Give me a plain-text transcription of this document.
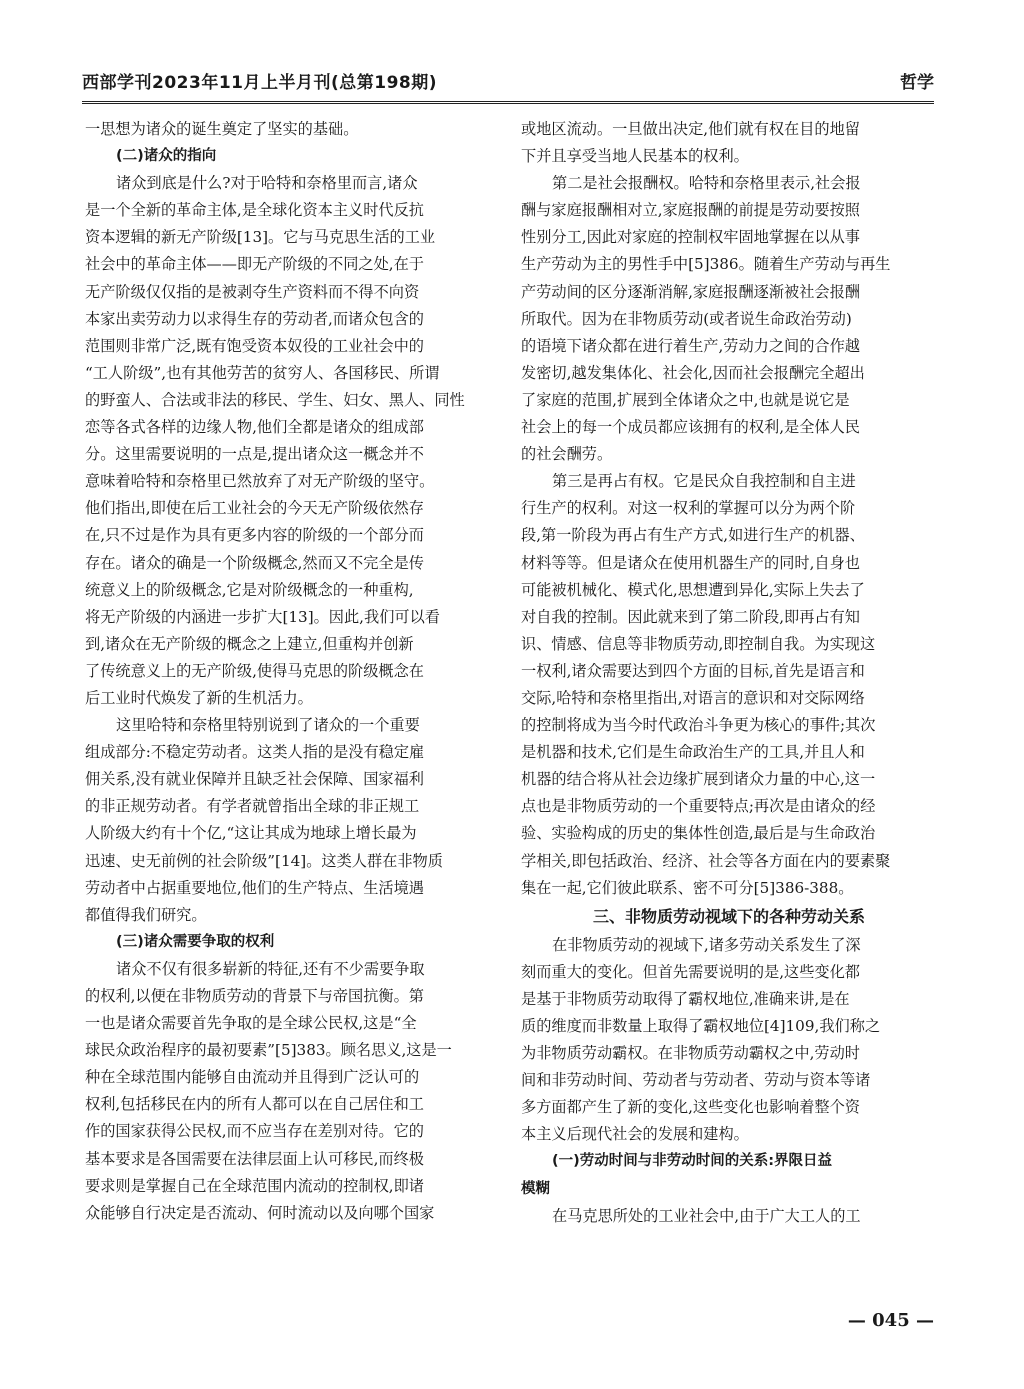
西部学刊2023年11月上半月刊(总第198期)	哲学
一思想为诸众的诞生奠定了坚实的基础。
(二)诸众的指向
诸众到底是什么?对于哈特和奈格里而言,诸众
是一个全新的革命主体,是全球化资本主义时代反抗
资本逻辑的新无产阶级[13]。它与马克思生活的工业
社会中的革命主体——即无产阶级的不同之处,在于
无产阶级仅仅指的是被剥夺生产资料而不得不向资
本家出卖劳动力以求得生存的劳动者,而诸众包含的
范围则非常广泛,既有饱受资本奴役的工业社会中的
“工人阶级”,也有其他劳苦的贫穷人、各国移民、所谓
的野蛮人、合法或非法的移民、学生、妇女、黑人、同性
恋等各式各样的边缘人物,他们全都是诸众的组成部
分。这里需要说明的一点是,提出诸众这一概念并不
意味着哈特和奈格里已然放弃了对无产阶级的坚守。
他们指出,即使在后工业社会的今天无产阶级依然存
在,只不过是作为具有更多内容的阶级的一个部分而
存在。诸众的确是一个阶级概念,然而又不完全是传
统意义上的阶级概念,它是对阶级概念的一种重构,
将无产阶级的内涵进一步扩大[13]。因此,我们可以看
到,诸众在无产阶级的概念之上建立,但重构并创新
了传统意义上的无产阶级,使得马克思的阶级概念在
后工业时代焕发了新的生机活力。
这里哈特和奈格里特别说到了诸众的一个重要
组成部分:不稳定劳动者。这类人指的是没有稳定雇
佣关系,没有就业保障并且缺乏社会保障、国家福利
的非正规劳动者。有学者就曾指出全球的非正规工
人阶级大约有十个亿,“这让其成为地球上增长最为
迅速、史无前例的社会阶级”[14]。这类人群在非物质
劳动者中占据重要地位,他们的生产特点、生活境遇
都值得我们研究。
(三)诸众需要争取的权利
诸众不仅有很多崭新的特征,还有不少需要争取
的权利,以便在非物质劳动的背景下与帝国抗衡。第
一也是诸众需要首先争取的是全球公民权,这是“全
球民众政治程序的最初要素”[5]383。顾名思义,这是一
种在全球范围内能够自由流动并且得到广泛认可的
权利,包括移民在内的所有人都可以在自己居住和工
作的国家获得公民权,而不应当存在差别对待。它的
基本要求是各国需要在法律层面上认可移民,而终极
要求则是掌握自己在全球范围内流动的控制权,即诸
众能够自行决定是否流动、何时流动以及向哪个国家
或地区流动。一旦做出决定,他们就有权在目的地留
下并且享受当地人民基本的权利。
第二是社会报酬权。哈特和奈格里表示,社会报
酬与家庭报酬相对立,家庭报酬的前提是劳动要按照
性别分工,因此对家庭的控制权牢固地掌握在以从事
生产劳动为主的男性手中[5]386。随着生产劳动与再生
产劳动间的区分逐渐消解,家庭报酬逐渐被社会报酬
所取代。因为在非物质劳动(或者说生命政治劳动)
的语境下诸众都在进行着生产,劳动力之间的合作越
发密切,越发集体化、社会化,因而社会报酬完全超出
了家庭的范围,扩展到全体诸众之中,也就是说它是
社会上的每一个成员都应该拥有的权利,是全体人民
的社会酬劳。
第三是再占有权。它是民众自我控制和自主进
行生产的权利。对这一权利的掌握可以分为两个阶
段,第一阶段为再占有生产方式,如进行生产的机器、
材料等等。但是诸众在使用机器生产的同时,自身也
可能被机械化、模式化,思想遭到异化,实际上失去了
对自我的控制。因此就来到了第二阶段,即再占有知
识、情感、信息等非物质劳动,即控制自我。为实现这
一权利,诸众需要达到四个方面的目标,首先是语言和
交际,哈特和奈格里指出,对语言的意识和对交际网络
的控制将成为当今时代政治斗争更为核心的事件;其次
是机器和技术,它们是生命政治生产的工具,并且人和
机器的结合将从社会边缘扩展到诸众力量的中心,这一
点也是非物质劳动的一个重要特点;再次是由诸众的经
验、实验构成的历史的集体性创造,最后是与生命政治
学相关,即包括政治、经济、社会等各方面在内的要素聚
集在一起,它们彼此联系、密不可分[5]386-388。
三、非物质劳动视域下的各种劳动关系
在非物质劳动的视域下,诸多劳动关系发生了深
刻而重大的变化。但首先需要说明的是,这些变化都
是基于非物质劳动取得了霸权地位,准确来讲,是在
质的维度而非数量上取得了霸权地位[4]109,我们称之
为非物质劳动霸权。在非物质劳动霸权之中,劳动时
间和非劳动时间、劳动者与劳动者、劳动与资本等诸
多方面都产生了新的变化,这些变化也影响着整个资
本主义后现代社会的发展和建构。
(一)劳动时间与非劳动时间的关系:界限日益
模糊
在马克思所处的工业社会中,由于广大工人的工
— 045 —
